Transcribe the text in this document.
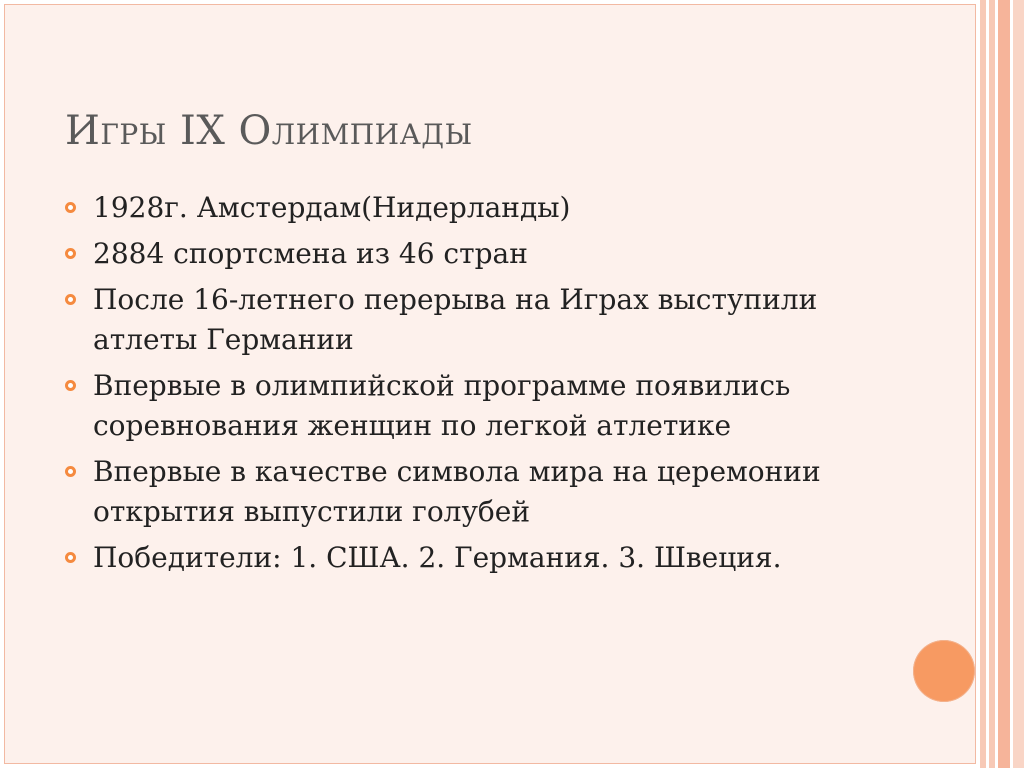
Игры IX Олимпиады
1928г. Амстердам(Нидерланды)
2884 спортсмена из 46 стран
После 16-летнего перерыва на Играх выступили атлеты Германии
Впервые в олимпийской программе появились соревнования женщин по легкой атлетике
Впервые в качестве символа мира на церемонии открытия выпустили голубей
Победители: 1. США. 2. Германия. 3. Швеция.
